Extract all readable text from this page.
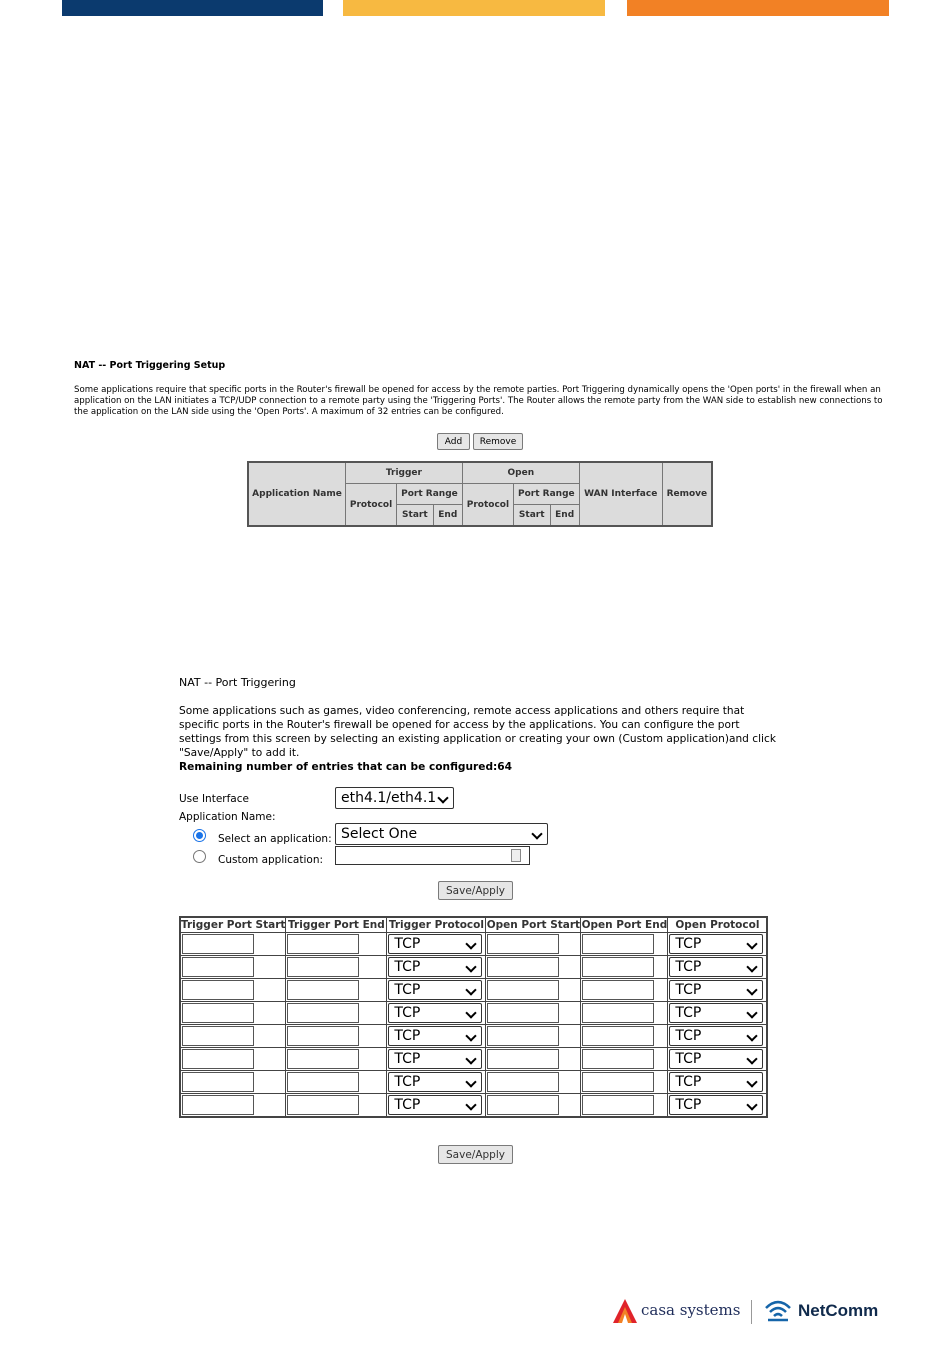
NAT -- Port Triggering Setup
Some applications require that specific ports in the Router's firewall be opened for access by the remote parties. Port Triggering dynamically opens the 'Open ports' in the firewall when an application on the LAN initiates a TCP/UDP connection to a remote party using the 'Triggering Ports'. The Router allows the remote party from the WAN side to establish new connections to the application on the LAN side using the 'Open Ports'. A maximum of 32 entries can be configured.
Add	Remove
Application Name	Trigger			Open			WAN Interface	Remove
	Protocol	Port Range		Protocol	Port Range			
		Start	End		Start	End		
NAT -- Port Triggering
Some applications such as games, video conferencing, remote access applications and others require that specific ports in the Router's firewall be opened for access by the applications. You can configure the port settings from this screen by selecting an existing application or creating your own (Custom application)and click "Save/Apply" to add it.
Remaining number of entries that can be configured:64
Use Interface	eth4.1/eth4.1
Application Name:
Select an application: Select One
Custom application:
Save/Apply
Trigger Port Start	Trigger Port End	Trigger Protocol	Open Port Start	Open Port End	Open Protocol

		TCP			TCP

		TCP			TCP

		TCP			TCP

		TCP			TCP

		TCP			TCP

		TCP			TCP

		TCP			TCP

		TCP			TCP
Save/Apply
casa systems	NetComm
